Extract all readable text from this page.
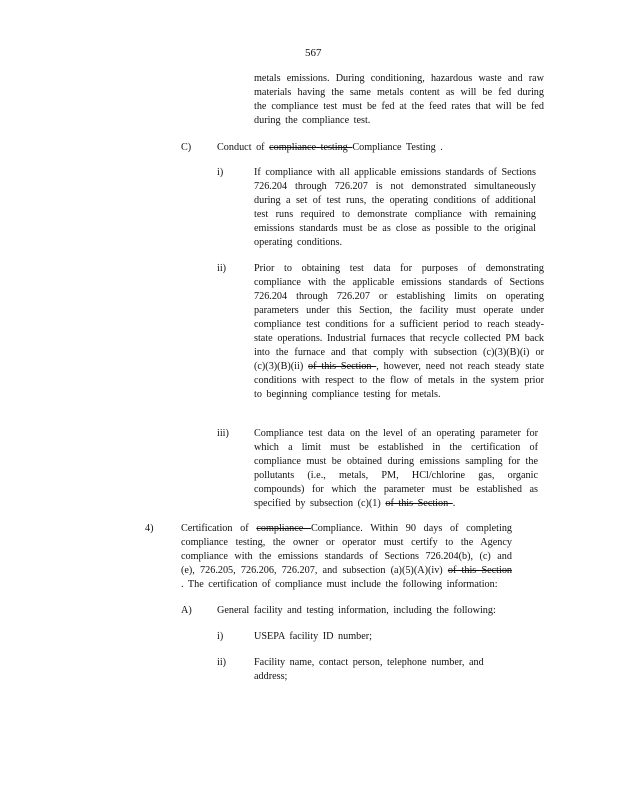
567
metals emissions. During conditioning, hazardous waste and raw materials having the same metals content as will be fed during the compliance test must be fed at the feed rates that will be fed during the compliance test.
C)	Conduct of compliance testing Compliance Testing .
i)	If compliance with all applicable emissions standards of Sections 726.204 through 726.207 is not demonstrated simultaneously during a set of test runs, the operating conditions of additional test runs required to demonstrate compliance with remaining emissions standards must be as close as possible to the original operating conditions.
ii)	Prior to obtaining test data for purposes of demonstrating compliance with the applicable emissions standards of Sections 726.204 through 726.207 or establishing limits on operating parameters under this Section, the facility must operate under compliance test conditions for a sufficient period to reach steady-state operations. Industrial furnaces that recycle collected PM back into the furnace and that comply with subsection (c)(3)(B)(i) or (c)(3)(B)(ii) of this Section , however, need not reach steady state conditions with respect to the flow of metals in the system prior to beginning compliance testing for metals.
iii) Compliance test data on the level of an operating parameter for which a limit must be established in the certification of compliance must be obtained during emissions sampling for the pollutants (i.e., metals, PM, HCl/chlorine gas, organic compounds) for which the parameter must be established as specified by subsection (c)(1) of this Section .
4)	Certification of compliance Compliance. Within 90 days of completing compliance testing, the owner or operator must certify to the Agency compliance with the emissions standards of Sections 726.204(b), (c) and (e), 726.205, 726.206, 726.207, and subsection (a)(5)(A)(iv) of this Section . The certification of compliance must include the following information:
A) General facility and testing information, including the following:
i)	USEPA facility ID number;
ii)	Facility name, contact person, telephone number, and address;
